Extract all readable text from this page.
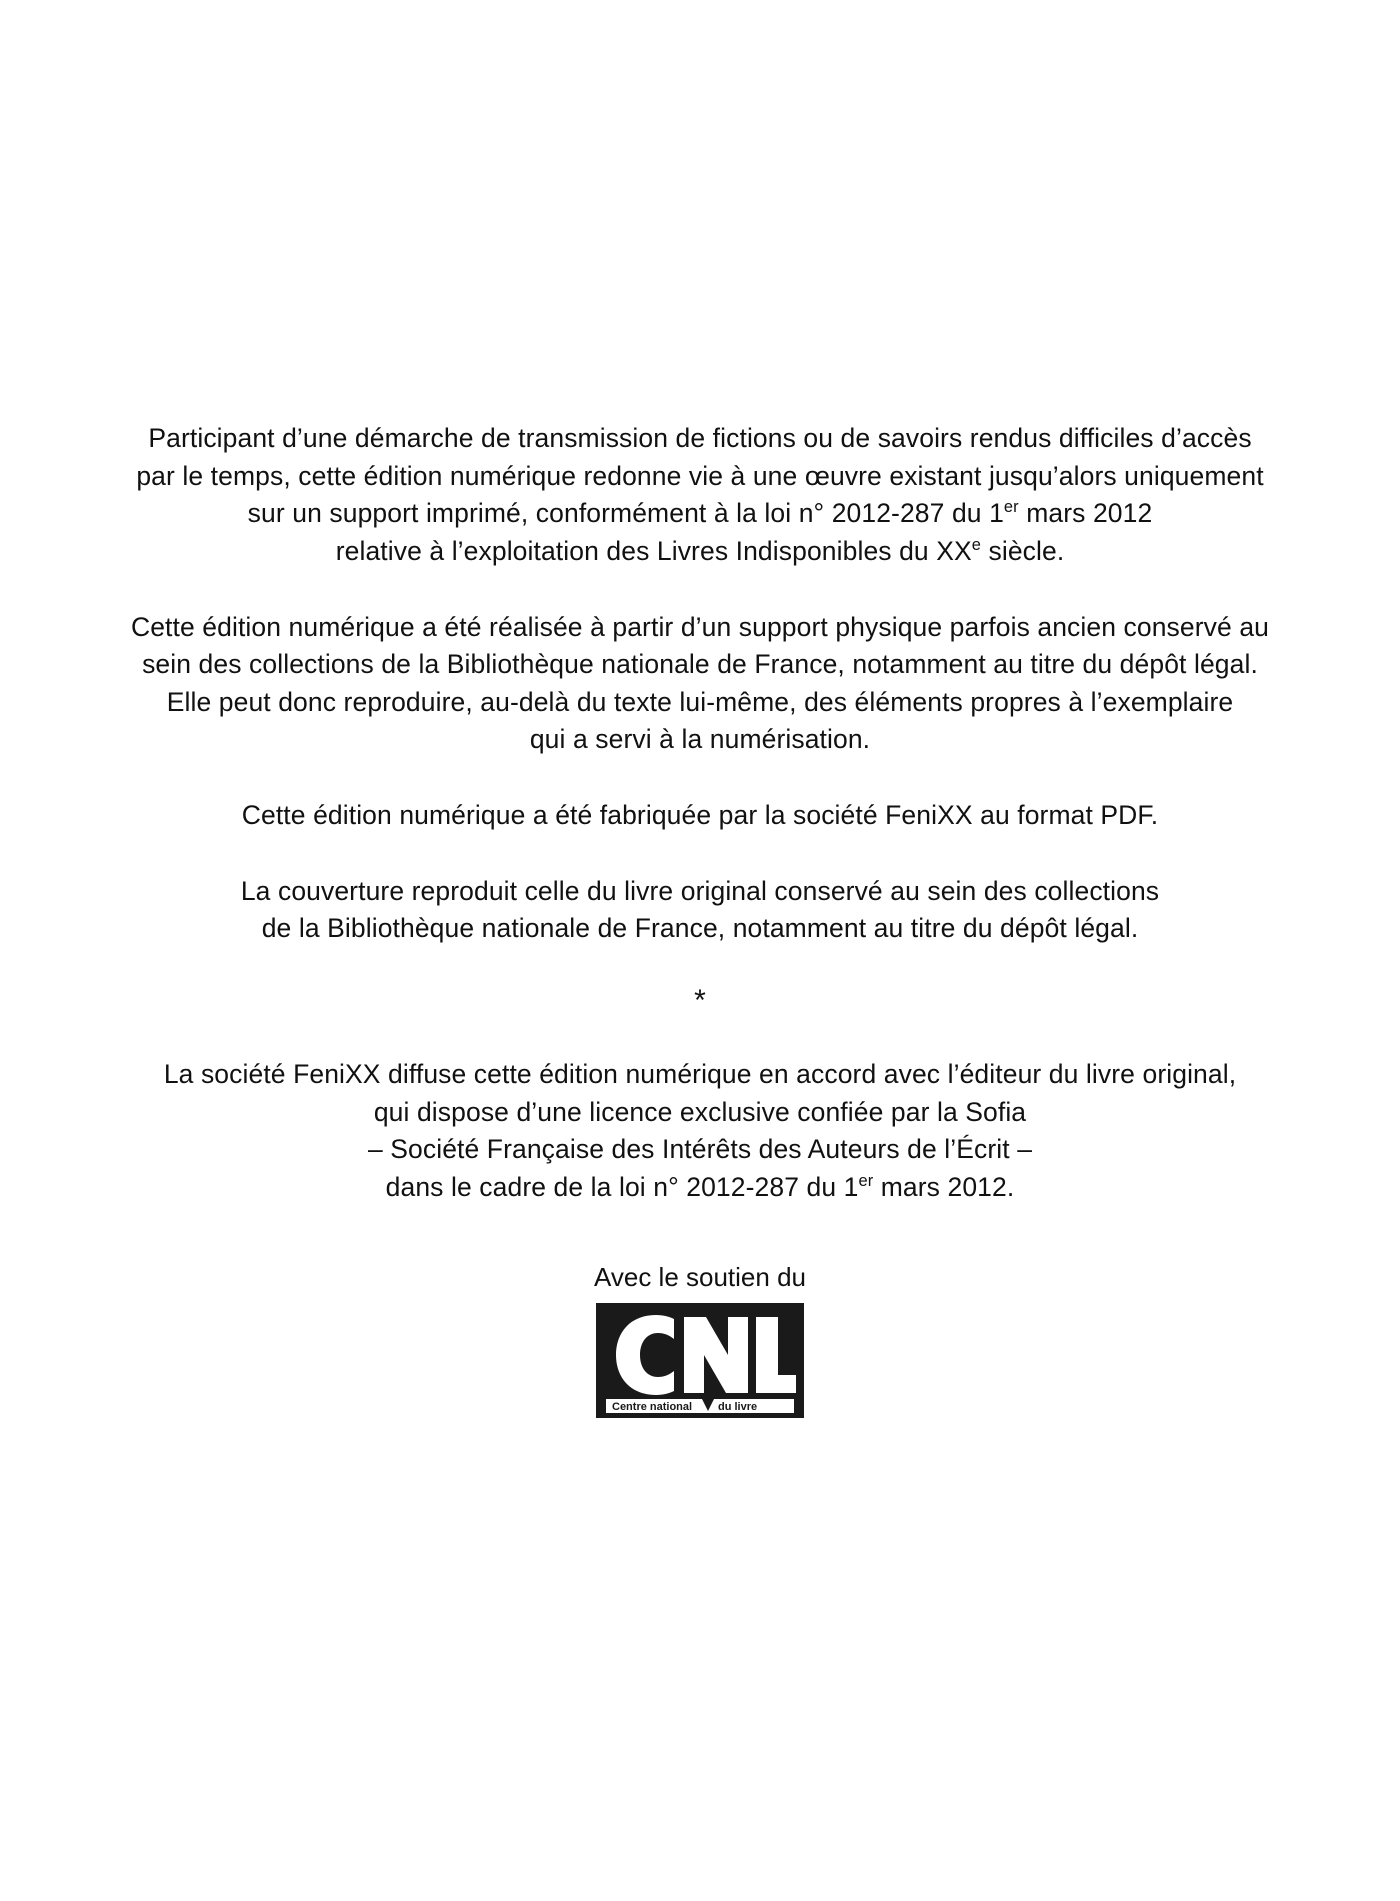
Participant d’une démarche de transmission de fictions ou de savoirs rendus difficiles d’accès
par le temps, cette édition numérique redonne vie à une œuvre existant jusqu’alors uniquement
sur un support imprimé, conformément à la loi n° 2012-287 du 1er mars 2012
relative à l’exploitation des Livres Indisponibles du XXe siècle.
Cette édition numérique a été réalisée à partir d’un support physique parfois ancien conservé au
sein des collections de la Bibliothèque nationale de France, notamment au titre du dépôt légal.
Elle peut donc reproduire, au-delà du texte lui-même, des éléments propres à l’exemplaire
qui a servi à la numérisation.
Cette édition numérique a été fabriquée par la société FeniXX au format PDF.
La couverture reproduit celle du livre original conservé au sein des collections
de la Bibliothèque nationale de France, notamment au titre du dépôt légal.
*
La société FeniXX diffuse cette édition numérique en accord avec l’éditeur du livre original,
qui dispose d’une licence exclusive confiée par la Sofia
– Société Française des Intérêts des Auteurs de l’Écrit –
dans le cadre de la loi n° 2012-287 du 1er mars 2012.
Avec le soutien du
Centre national du livre
